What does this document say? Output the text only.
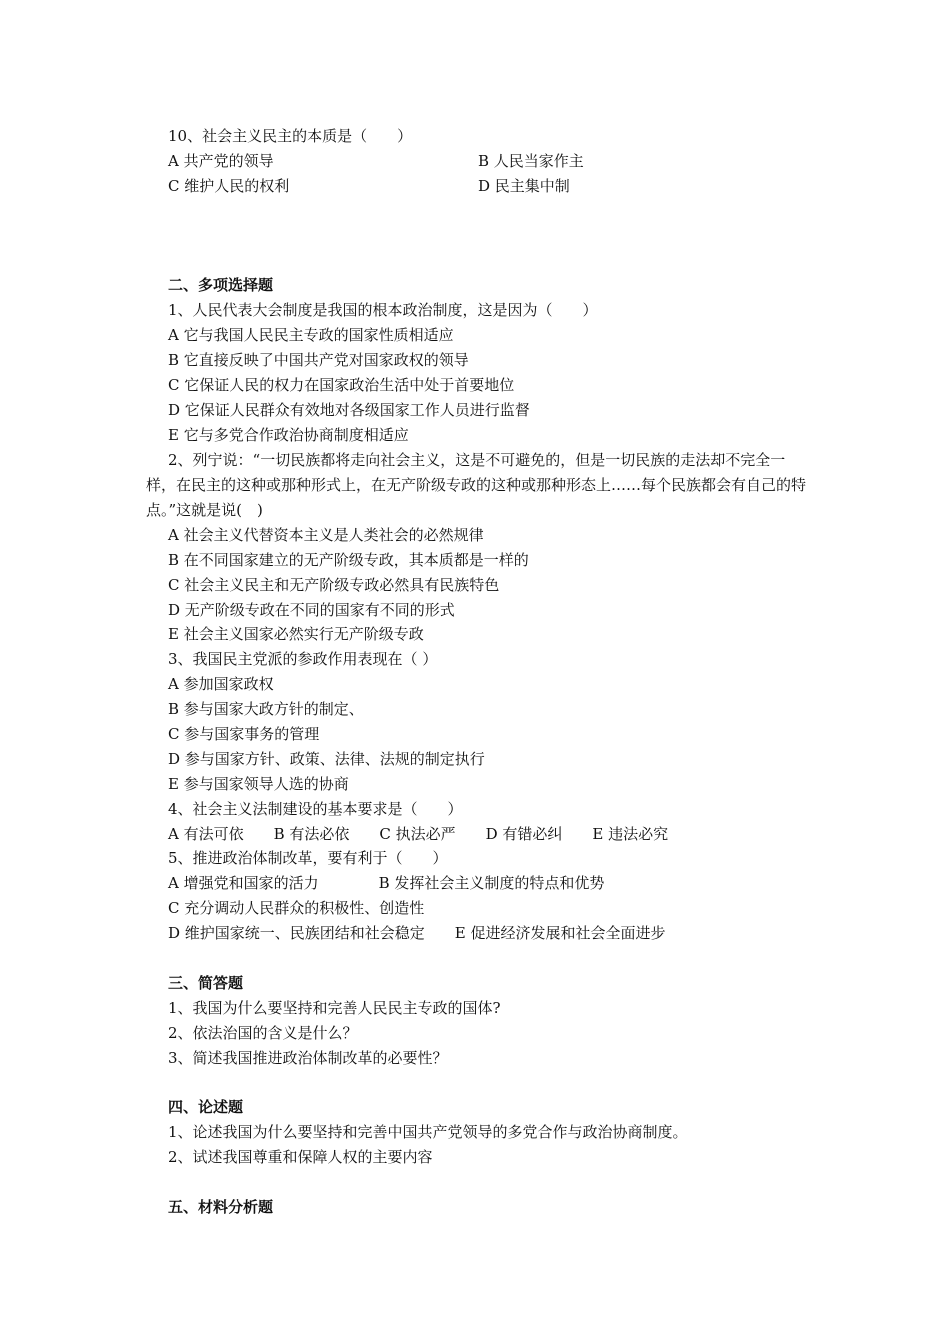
10、社会主义民主的本质是（　　）
A 共产党的领导	B 人民当家作主
C 维护人民的权利	D 民主集中制
二、多项选择题
1、人民代表大会制度是我国的根本政治制度，这是因为（　　）
A 它与我国人民民主专政的国家性质相适应
B 它直接反映了中国共产党对国家政权的领导
C 它保证人民的权力在国家政治生活中处于首要地位
D 它保证人民群众有效地对各级国家工作人员进行监督
E 它与多党合作政治协商制度相适应
2、列宁说：“一切民族都将走向社会主义，这是不可避免的，但是一切民族的走法却不完全一样，在民主的这种或那种形式上，在无产阶级专政的这种或那种形态上……每个民族都会有自己的特点。”这就是说(　)
A 社会主义代替资本主义是人类社会的必然规律
B 在不同国家建立的无产阶级专政，其本质都是一样的
C 社会主义民主和无产阶级专政必然具有民族特色
D 无产阶级专政在不同的国家有不同的形式
E 社会主义国家必然实行无产阶级专政
3、我国民主党派的参政作用表现在（ ）
A 参加国家政权
B 参与国家大政方针的制定、
C 参与国家事务的管理
D 参与国家方针、政策、法律、法规的制定执行
E 参与国家领导人选的协商
4、社会主义法制建设的基本要求是（　　）
A 有法可依　　B 有法必依　　C 执法必严　　D 有错必纠　　E 违法必究
5、推进政治体制改革，要有利于（　　）
A 增强党和国家的活力　　　　B 发挥社会主义制度的特点和优势
C 充分调动人民群众的积极性、创造性
D 维护国家统一、民族团结和社会稳定　　E 促进经济发展和社会全面进步
三、简答题
1、我国为什么要坚持和完善人民民主专政的国体?
2、依法治国的含义是什么？
3、简述我国推进政治体制改革的必要性？
四、论述题
1、论述我国为什么要坚持和完善中国共产党领导的多党合作与政治协商制度。
2、试述我国尊重和保障人权的主要内容
五、材料分析题
